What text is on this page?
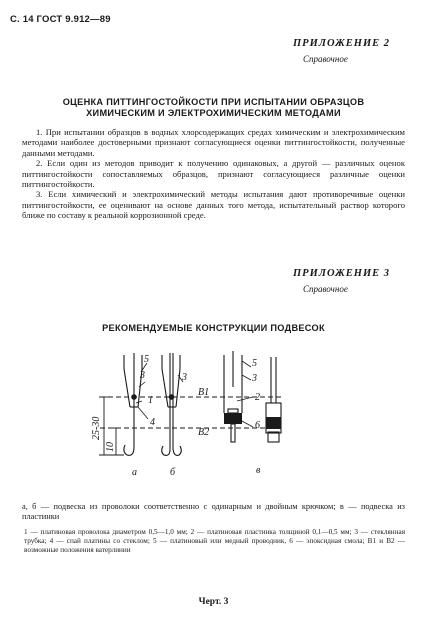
С. 14 ГОСТ 9.912—89
ПРИЛОЖЕНИЕ 2
Справочное
ОЦЕНКА ПИТТИНГОСТОЙКОСТИ ПРИ ИСПЫТАНИИ ОБРАЗЦОВ
ХИМИЧЕСКИМ И ЭЛЕКТРОХИМИЧЕСКИМ МЕТОДАМИ

1. При испытании образцов в водных хлорсодержащих средах химическим и электрохимическим методами наиболее достоверными признают согласующиеся оценки питтингостойкости, полученные данными методами.

2. Если один из методов приводит к получению одинаковых, а другой — различных оценок питтингостойкости сопоставляемых образцов, признают согласующиеся различные оценки питтингостойкости.

3. Если химический и электрохимический методы испытания дают противоречивые оценки питтингостойкости, ее оценивают на основе данных того метода, испытательный раствор которого ближе по составу к реальной коррозионной среде.

ПРИЛОЖЕНИЕ 3
Справочное
РЕКОМЕНДУЕМЫЕ КОНСТРУКЦИИ ПОДВЕСОК
5
3	3
1
4
5
3
2
6
B1
B2
25-30
10
а	б	в
а, б — подвеска из проволоки соответственно с одинарным и двойным крючком; в — подвеска из пластинки
1 — платиновая проволока диаметром 0,5—1,0 мм; 2 — платиновая пластинка толщиной 0,1—0,5 мм; 3 — стеклянная трубка; 4 — спай платины со стеклом; 5 — платиновый или медный проводник, 6 — эпоксидная смола; B1 и B2 — возможные положения ватерлинии
Черт. 3
